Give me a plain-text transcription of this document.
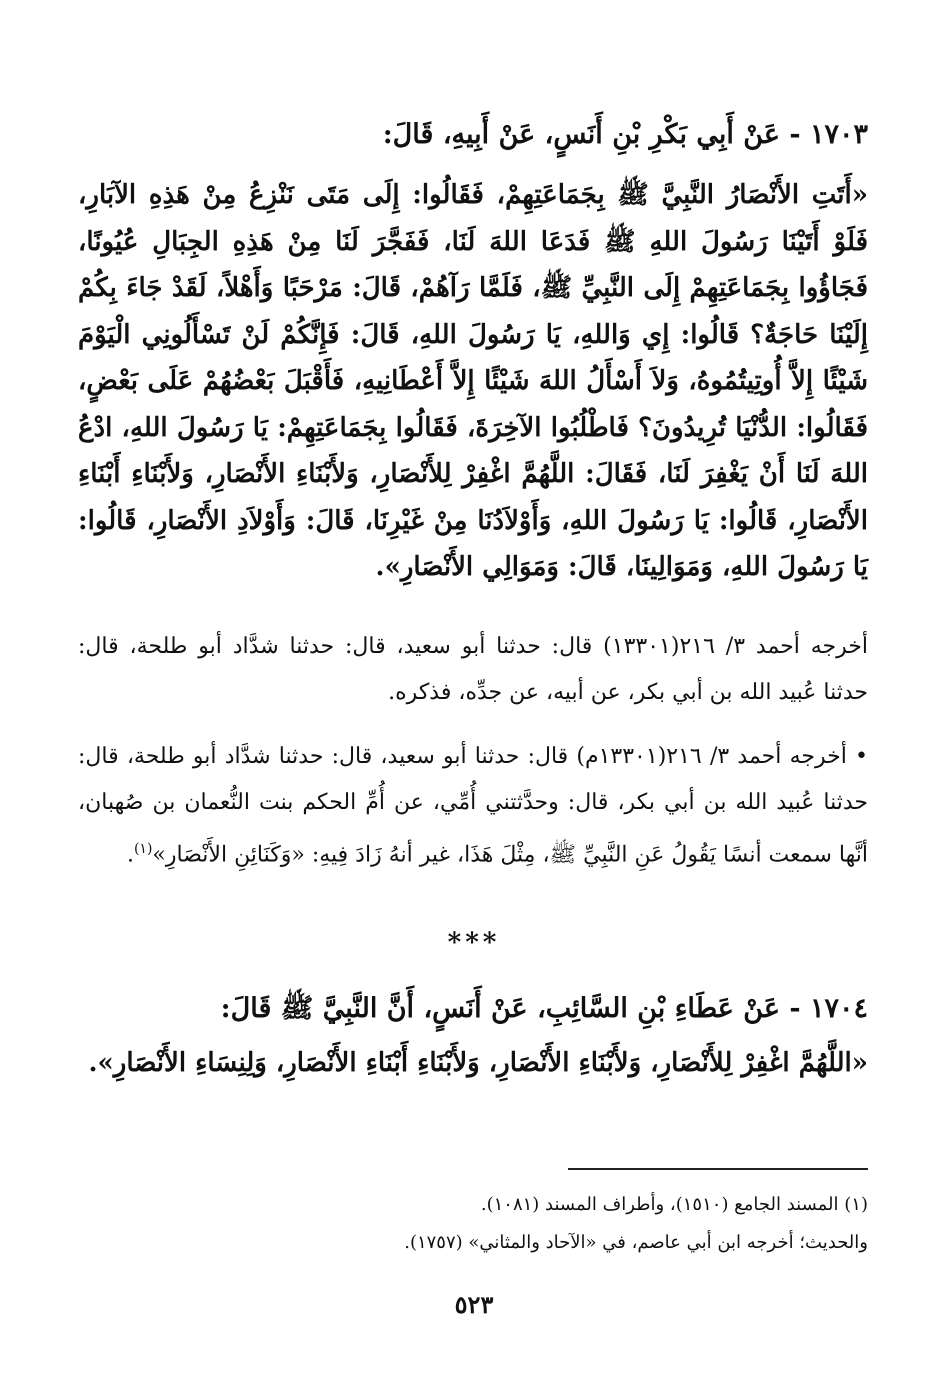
١٧٠٣ - عَنْ أَبِي بَكْرِ بْنِ أَنَسٍ، عَنْ أَبِيهِ، قَالَ:
«أَتَتِ الأَنْصَارُ النَّبِيَّ ﷺ بِجَمَاعَتِهِمْ، فَقَالُوا: إِلَى مَتَى نَنْزِعُ مِنْ هَذِهِ الآبَارِ، فَلَوْ أَتَيْنَا رَسُولَ اللهِ ﷺ فَدَعَا اللهَ لَنَا، فَفَجَّرَ لَنَا مِنْ هَذِهِ الجِبَالِ عُيُونًا، فَجَاؤُوا بِجَمَاعَتِهِمْ إِلَى النَّبِيِّ ﷺ، فَلَمَّا رَآهُمْ، قَالَ: مَرْحَبًا وَأَهْلاً، لَقَدْ جَاءَ بِكُمْ إِلَيْنَا حَاجَةٌ؟ قَالُوا: إِي وَاللهِ، يَا رَسُولَ اللهِ، قَالَ: فَإِنَّكُمْ لَنْ تَسْأَلُونِي الْيَوْمَ شَيْئًا إِلاَّ أُوتِيتُمُوهُ، وَلاَ أَسْأَلُ اللهَ شَيْئًا إِلاَّ أَعْطَانِيهِ، فَأَقْبَلَ بَعْضُهُمْ عَلَى بَعْضٍ، فَقَالُوا: الدُّنْيَا تُرِيدُونَ؟ فَاطْلُبُوا الآخِرَةَ، فَقَالُوا بِجَمَاعَتِهِمْ: يَا رَسُولَ اللهِ، ادْعُ اللهَ لَنَا أَنْ يَغْفِرَ لَنَا، فَقَالَ: اللَّهُمَّ اغْفِرْ لِلأَنْصَارِ، وَلأَبْنَاءِ الأَنْصَارِ، وَلأَبْنَاءِ أَبْنَاءِ الأَنْصَارِ، قَالُوا: يَا رَسُولَ اللهِ، وَأَوْلاَدُنَا مِنْ غَيْرِنَا، قَالَ: وَأَوْلاَدِ الأَنْصَارِ، قَالُوا: يَا رَسُولَ اللهِ، وَمَوَالِينَا، قَالَ: وَمَوَالِي الأَنْصَارِ».
أخرجه أحمد ٣/ ٢١٦(١٣٣٠١) قال: حدثنا أبو سعيد، قال: حدثنا شدَّاد أبو طلحة، قال: حدثنا عُبيد الله بن أبي بكر، عن أبيه، عن جدِّه، فذكره.
• أخرجه أحمد ٣/ ٢١٦(١٣٣٠١م) قال: حدثنا أبو سعيد، قال: حدثنا شدَّاد أبو طلحة، قال: حدثنا عُبيد الله بن أبي بكر، قال: وحدَّثتني أُمِّي، عن أُمِّ الحكم بنت النُّعمان بن صُهبان، أنَّها سمعت أنسًا يَقُولُ عَنِ النَّبِيِّ ﷺ، مِثْلَ هَذَا، غير أنهُ زَادَ فِيهِ: «وَكَنَائِنِ الأَنْصَارِ»$^{(١)}$.
***
١٧٠٤ - عَنْ عَطَاءِ بْنِ السَّائِبِ، عَنْ أَنَسٍ، أَنَّ النَّبِيَّ ﷺ قَالَ:
«اللَّهُمَّ اغْفِرْ لِلأَنْصَارِ، وَلأَبْنَاءِ الأَنْصَارِ، وَلأَبْنَاءِ أَبْنَاءِ الأَنْصَارِ، وَلِنِسَاءِ الأَنْصَارِ».
(١) المسند الجامع (١٥١٠)، وأطراف المسند (١٠٨١).
والحديث؛ أخرجه ابن أبي عاصم، في «الآحاد والمثاني» (١٧٥٧).
٥٢٣
